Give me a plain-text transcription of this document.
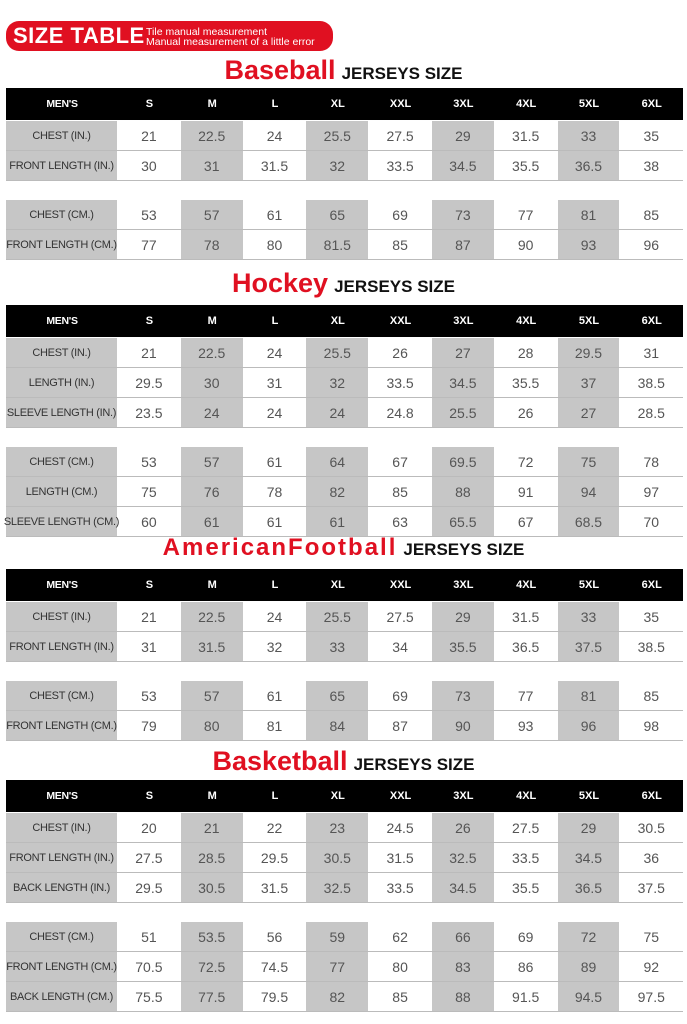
SIZE TABLE Tile manual measurement
Manual measurement of a little error
Baseball JERSEYS SIZE
MEN'S	S	M	L	XL	XXL	3XL	4XL	5XL	6XL
CHEST (IN.)	21	22.5	24	25.5	27.5	29	31.5	33	35
FRONT LENGTH (IN.)	30	31	31.5	32	33.5	34.5	35.5	36.5	38
CHEST (CM.)	53	57	61	65	69	73	77	81	85
FRONT LENGTH (CM.)	77	78	80	81.5	85	87	90	93	96
Hockey JERSEYS SIZE
MEN'S	S	M	L	XL	XXL	3XL	4XL	5XL	6XL
CHEST (IN.)	21	22.5	24	25.5	26	27	28	29.5	31
LENGTH (IN.)	29.5	30	31	32	33.5	34.5	35.5	37	38.5
SLEEVE LENGTH (IN.)	23.5	24	24	24	24.8	25.5	26	27	28.5
CHEST (CM.)	53	57	61	64	67	69.5	72	75	78
LENGTH (CM.)	75	76	78	82	85	88	91	94	97
SLEEVE LENGTH (CM.)	60	61	61	61	63	65.5	67	68.5	70
AmericanFootball JERSEYS SIZE
MEN'S	S	M	L	XL	XXL	3XL	4XL	5XL	6XL
CHEST (IN.)	21	22.5	24	25.5	27.5	29	31.5	33	35
FRONT LENGTH (IN.)	31	31.5	32	33	34	35.5	36.5	37.5	38.5
CHEST (CM.)	53	57	61	65	69	73	77	81	85
FRONT LENGTH (CM.)	79	80	81	84	87	90	93	96	98
Basketball JERSEYS SIZE
MEN'S	S	M	L	XL	XXL	3XL	4XL	5XL	6XL
CHEST (IN.)	20	21	22	23	24.5	26	27.5	29	30.5
FRONT LENGTH (IN.)	27.5	28.5	29.5	30.5	31.5	32.5	33.5	34.5	36
BACK LENGTH (IN.)	29.5	30.5	31.5	32.5	33.5	34.5	35.5	36.5	37.5
CHEST (CM.)	51	53.5	56	59	62	66	69	72	75
FRONT LENGTH (CM.)	70.5	72.5	74.5	77	80	83	86	89	92
BACK LENGTH (CM.)	75.5	77.5	79.5	82	85	88	91.5	94.5	97.5
